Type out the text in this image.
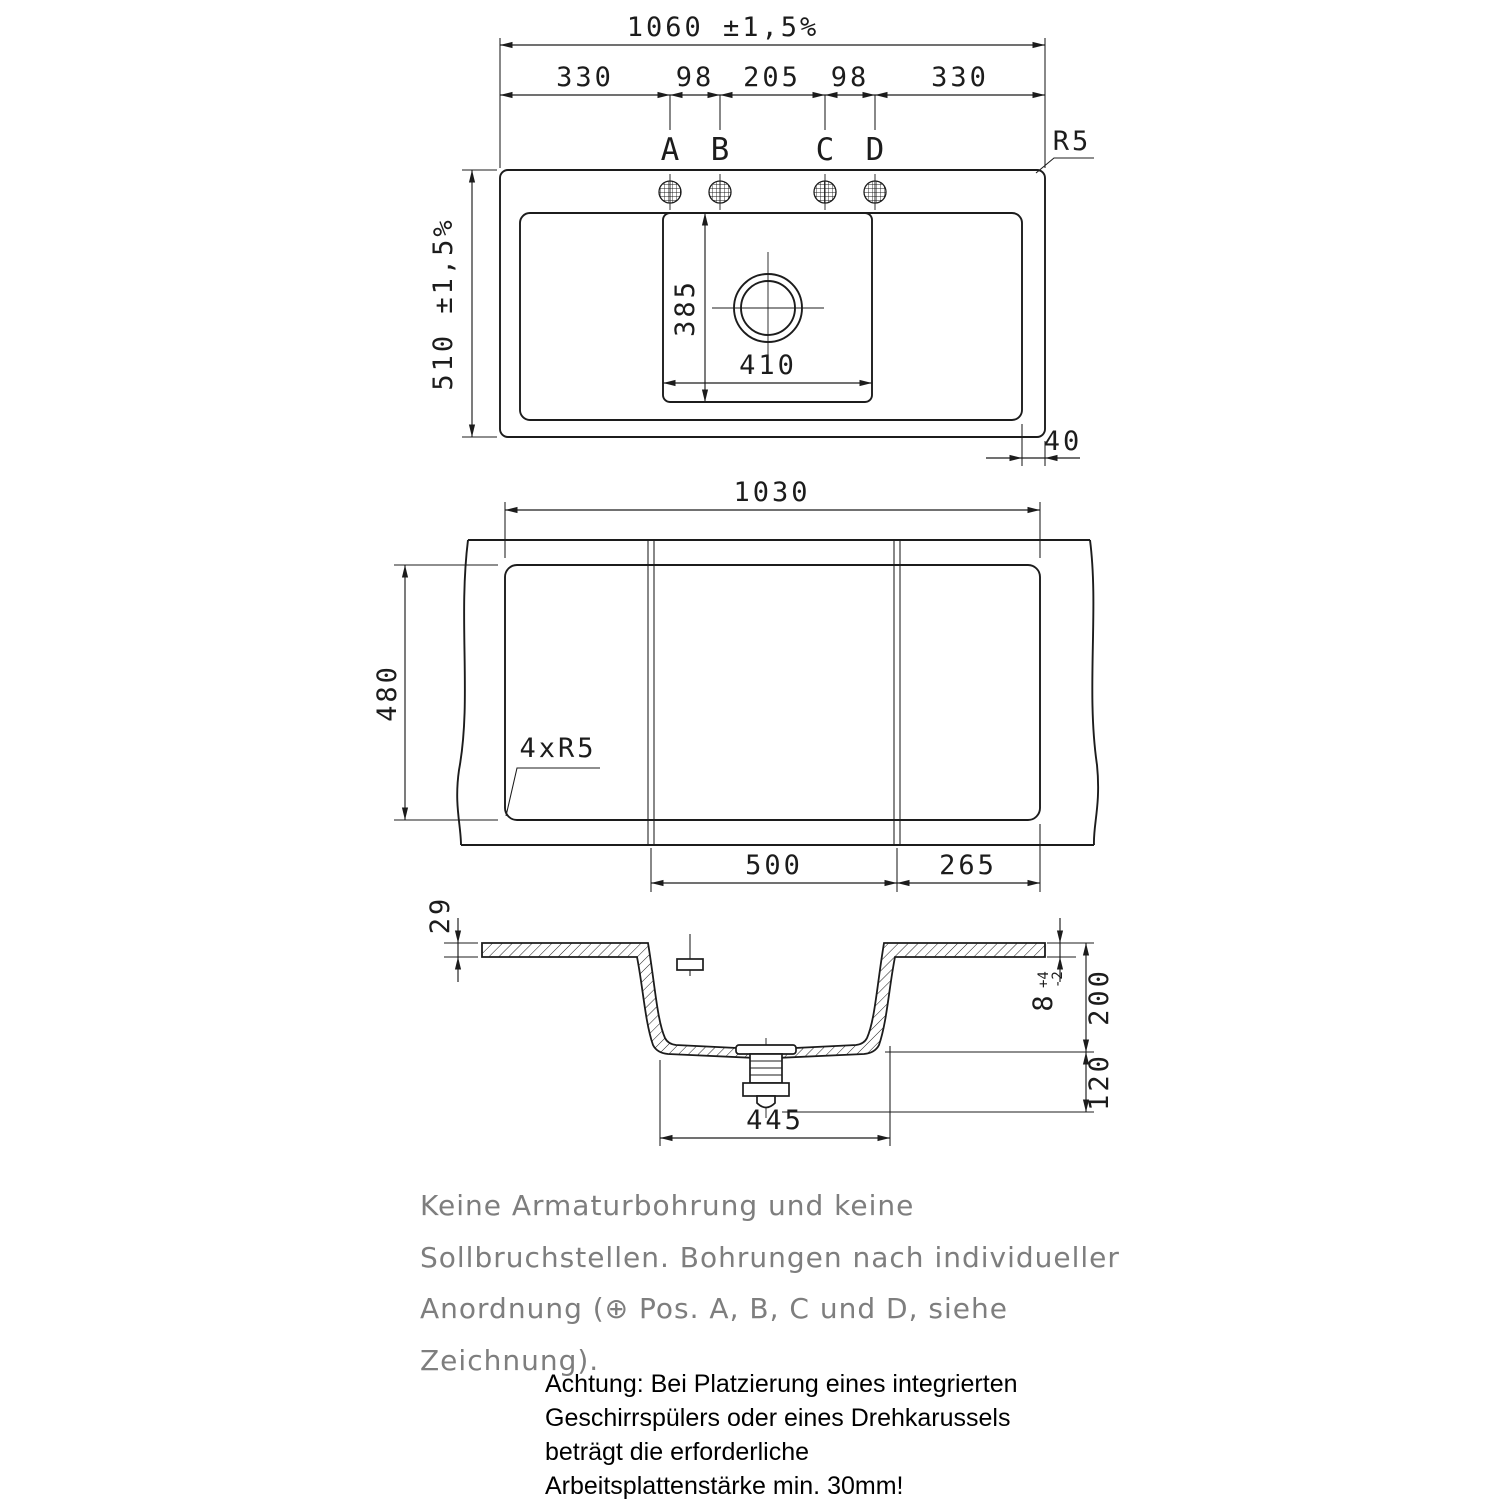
1060 ±1,5%
330 98 205 98 330
A B	C D
385
410
510 ±1,5%
40
R5
1030
480
4xR5
500	265
29
8
+4
-2 200
120
445
Keine Armaturbohrung und keine
Sollbruchstellen. Bohrungen nach individueller
Anordnung (⊕ Pos. A, B, C und D, siehe
Zeichnung).
Achtung: Bei Platzierung eines integrierten
Geschirrspülers oder eines Drehkarussels
beträgt die erforderliche
Arbeitsplattenstärke min. 30mm!
